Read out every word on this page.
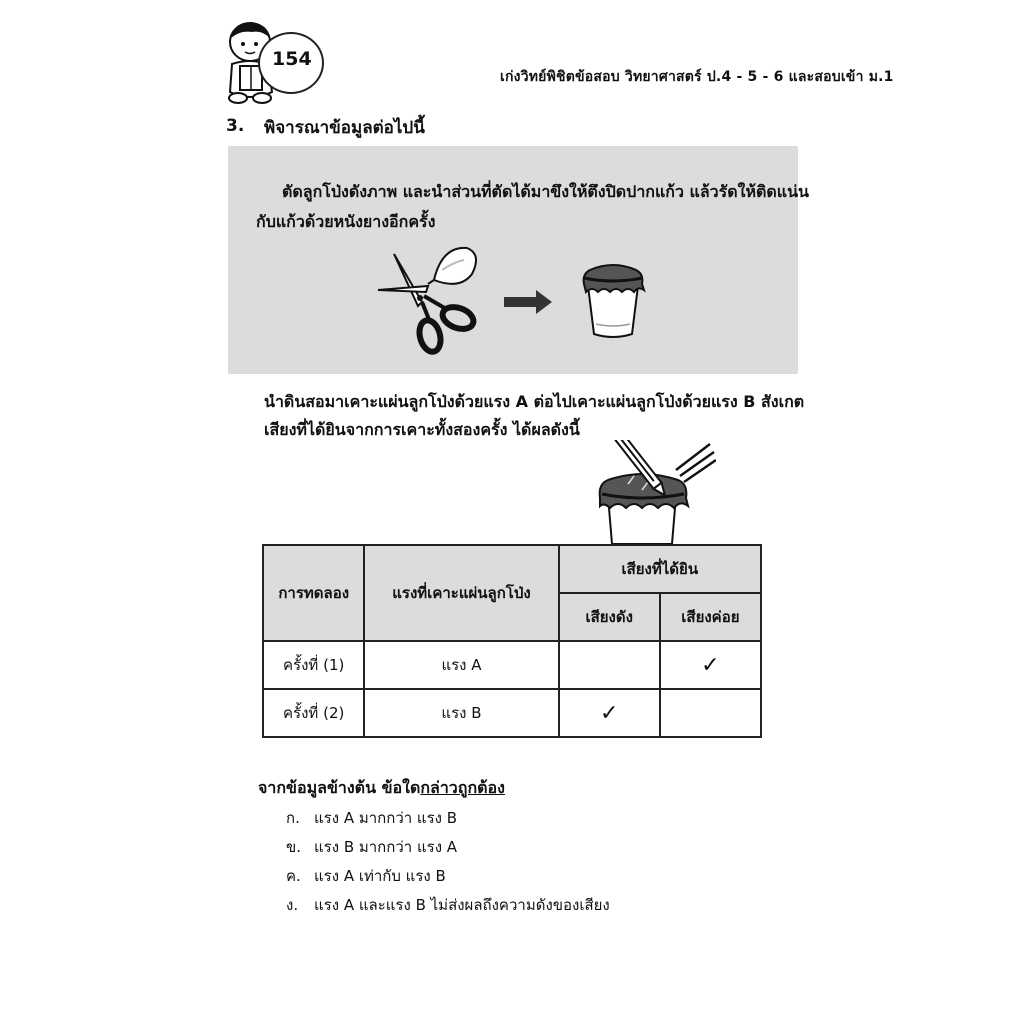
154
เก่งวิทย์พิชิตข้อสอบ วิทยาศาสตร์ ป.4 - 5 - 6 และสอบเข้า ม.1
3. พิจารณาข้อมูลต่อไปนี้
ตัดลูกโป่งดังภาพ และนำส่วนที่ตัดได้มาขึงให้ตึงปิดปากแก้ว แล้วรัดให้ติดแน่น
กับแก้วด้วยหนังยางอีกครั้ง
นำดินสอมาเคาะแผ่นลูกโป่งด้วยแรง A ต่อไปเคาะแผ่นลูกโป่งด้วยแรง B สังเกต
เสียงที่ได้ยินจากการเคาะทั้งสองครั้ง ได้ผลดังนี้
การทดลอง	แรงที่เคาะแผ่นลูกโป่ง	เสียงที่ได้ยิน	
		เสียงดัง	เสียงค่อย
ครั้งที่ (1)	แรง A		✓
ครั้งที่ (2)	แรง B	✓	
จากข้อมูลข้างต้น ข้อใดกล่าวถูกต้อง
ก. แรง A มากกว่า แรง B
ข. แรง B มากกว่า แรง A
ค. แรง A เท่ากับ แรง B
ง. แรง A และแรง B ไม่ส่งผลถึงความดังของเสียง
